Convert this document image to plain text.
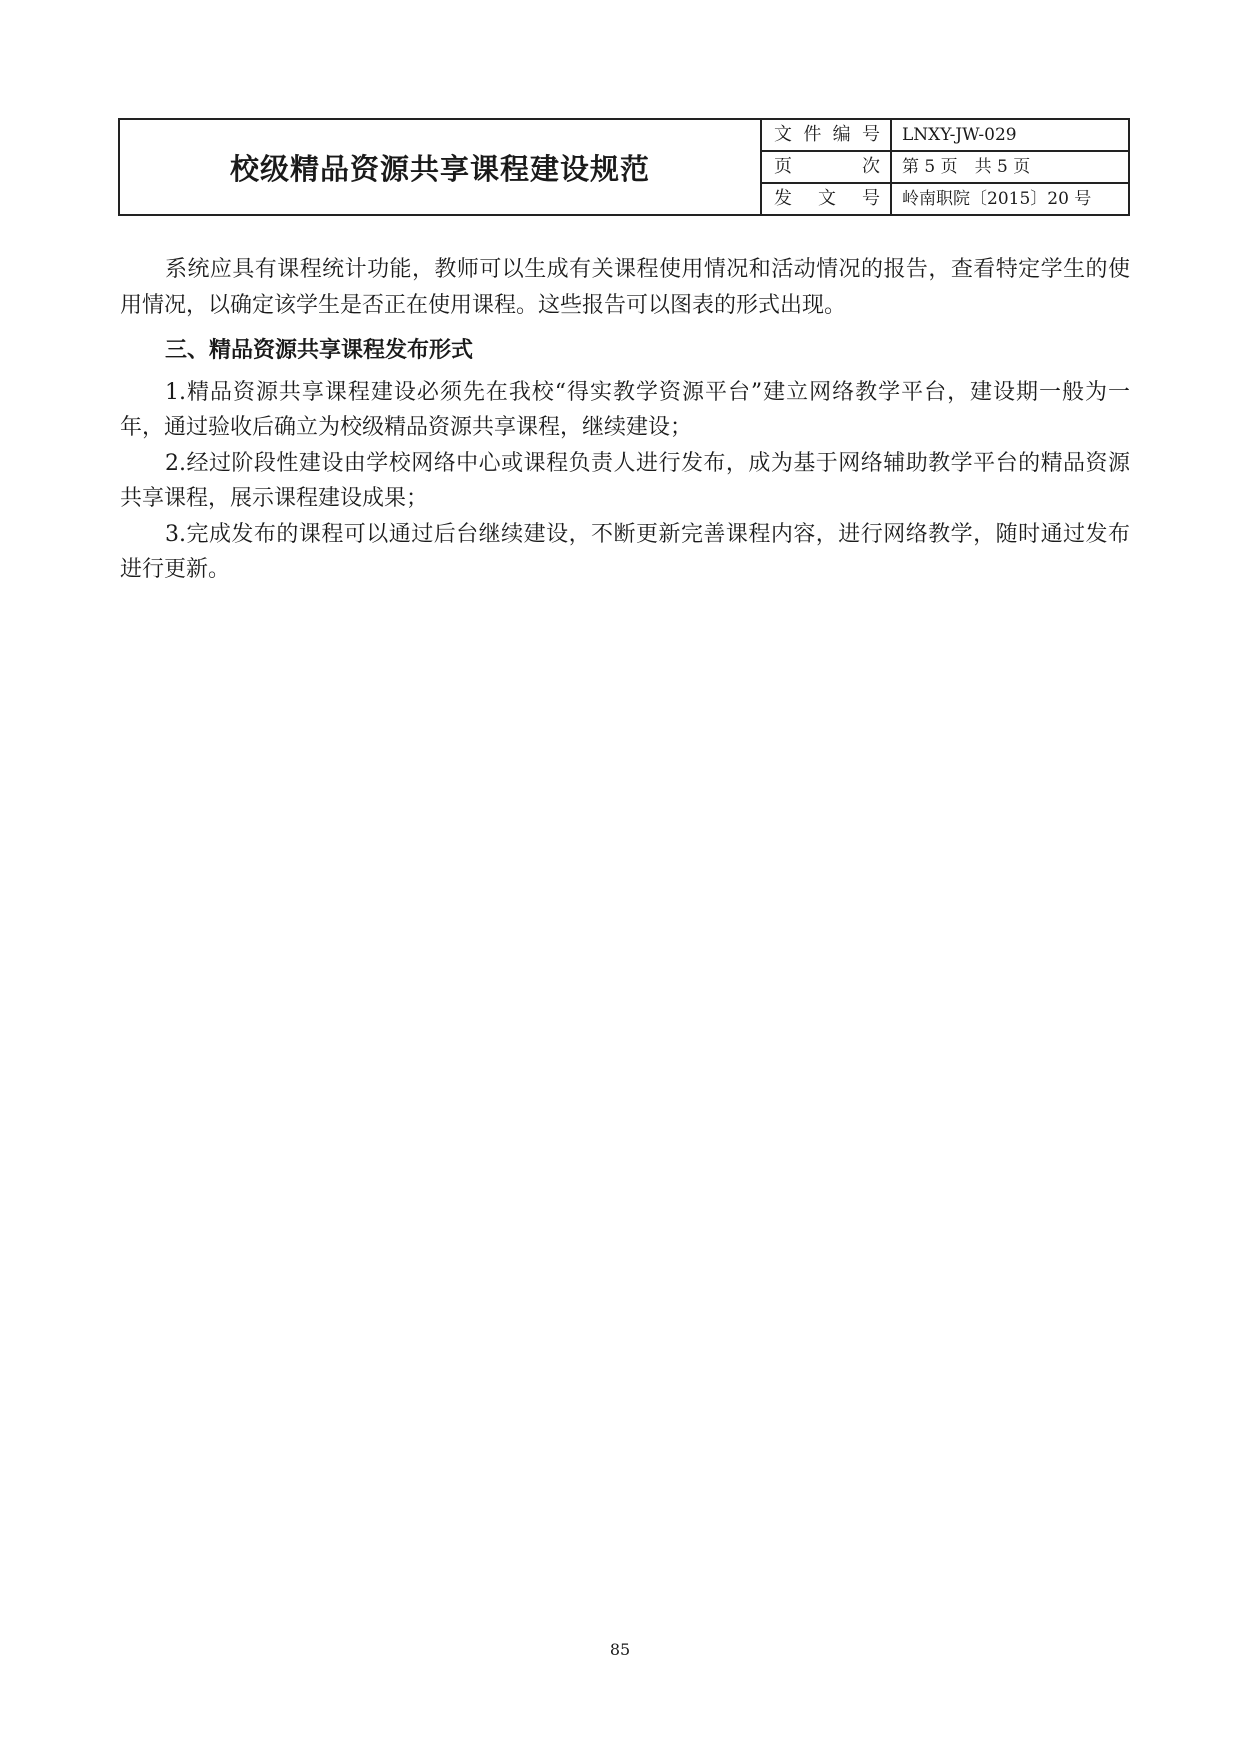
校级精品资源共享课程建设规范	文 件 编 号	LNXY-JW-029

	页 次	第 5 页　共 5 页

	发 文 号	岭南职院〔2015〕20 号

系统应具有课程统计功能，教师可以生成有关课程使用情况和活动情况的报告，查看特定学生的使用情况，以确定该学生是否正在使用课程。这些报告可以图表的形式出现。

三、精品资源共享课程发布形式

1.精品资源共享课程建设必须先在我校“得实教学资源平台”建立网络教学平台，建设期一般为一年，通过验收后确立为校级精品资源共享课程，继续建设；

2.经过阶段性建设由学校网络中心或课程负责人进行发布，成为基于网络辅助教学平台的精品资源共享课程，展示课程建设成果；

3.完成发布的课程可以通过后台继续建设，不断更新完善课程内容，进行网络教学，随时通过发布进行更新。

85
